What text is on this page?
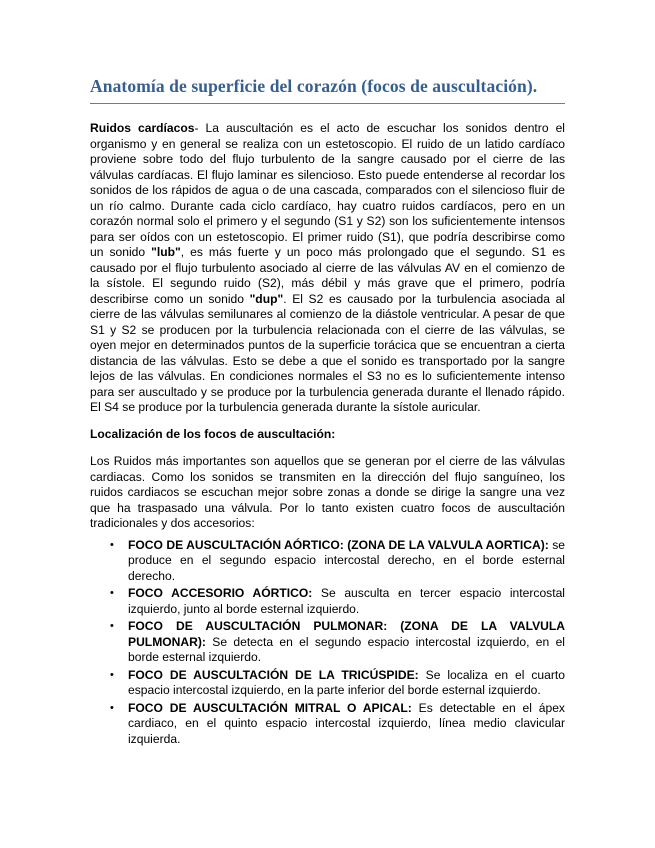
Anatomía de superficie del corazón (focos de auscultación).

Ruidos cardíacos- La auscultación es el acto de escuchar los sonidos dentro el organismo y en general se realiza con un estetoscopio. El ruido de un latido cardíaco proviene sobre todo del flujo turbulento de la sangre causado por el cierre de las válvulas cardíacas. El flujo laminar es silencioso. Esto puede entenderse al recordar los sonidos de los rápidos de agua o de una cascada, comparados con el silencioso fluir de un río calmo. Durante cada ciclo cardíaco, hay cuatro ruidos cardíacos, pero en un corazón normal solo el primero y el segundo (S1 y S2) son los suficientemente intensos para ser oídos con un estetoscopio. El primer ruido (S1), que podría describirse como un sonido "lub", es más fuerte y un poco más prolongado que el segundo. S1 es causado por el flujo turbulento asociado al cierre de las válvulas AV en el comienzo de la sístole. El segundo ruido (S2), más débil y más grave que el primero, podría describirse como un sonido "dup". El S2 es causado por la turbulencia asociada al cierre de las válvulas semilunares al comienzo de la diástole ventricular. A pesar de que S1 y S2 se producen por la turbulencia relacionada con el cierre de las válvulas, se oyen mejor en determinados puntos de la superficie torácica que se encuentran a cierta distancia de las válvulas. Esto se debe a que el sonido es transportado por la sangre lejos de las válvulas. En condiciones normales el S3 no es lo suficientemente intenso para ser auscultado y se produce por la turbulencia generada durante el llenado rápido. El S4 se produce por la turbulencia generada durante la sístole auricular.

Localización de los focos de auscultación:

Los Ruidos más importantes son aquellos que se generan por el cierre de las válvulas cardiacas. Como los sonidos se transmiten en la dirección del flujo sanguíneo, los ruidos cardiacos se escuchan mejor sobre zonas a donde se dirige la sangre una vez que ha traspasado una válvula. Por lo tanto existen cuatro focos de auscultación tradicionales y dos accesorios:

• FOCO DE AUSCULTACIÓN AÓRTICO: (ZONA DE LA VALVULA AORTICA): se produce en el segundo espacio intercostal derecho, en el borde esternal derecho.
• FOCO ACCESORIO AÓRTICO: Se ausculta en tercer espacio intercostal izquierdo, junto al borde esternal izquierdo.
• FOCO DE AUSCULTACIÓN PULMONAR: (ZONA DE LA VALVULA PULMONAR): Se detecta en el segundo espacio intercostal izquierdo, en el borde esternal izquierdo.
• FOCO DE AUSCULTACIÓN DE LA TRICÚSPIDE: Se localiza en el cuarto espacio intercostal izquierdo, en la parte inferior del borde esternal izquierdo.
• FOCO DE AUSCULTACIÓN MITRAL O APICAL: Es detectable en el ápex cardiaco, en el quinto espacio intercostal izquierdo, línea medio clavicular izquierda.
